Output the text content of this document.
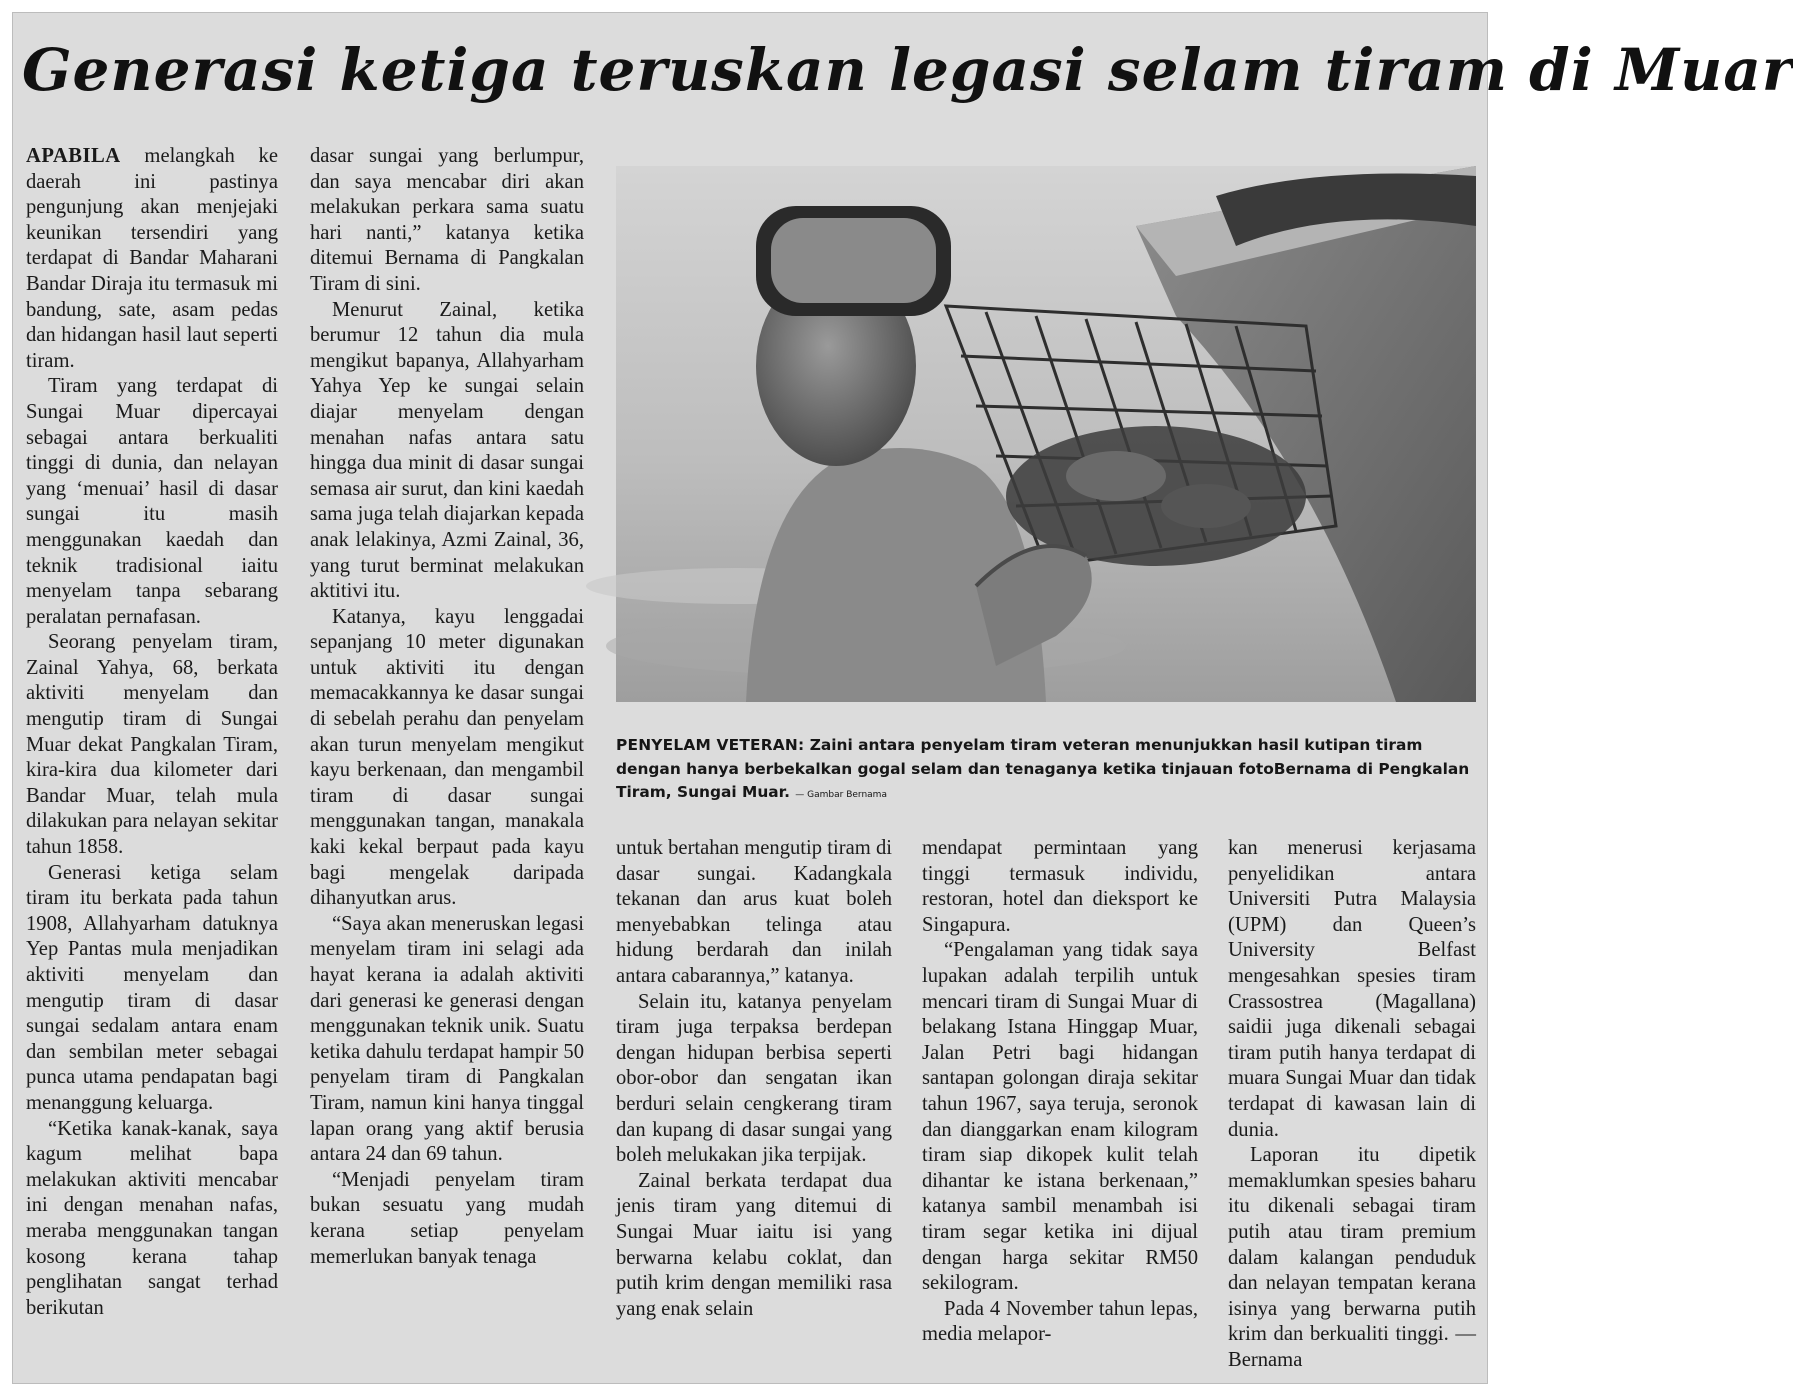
Generasi ketiga teruskan legasi selam tiram di Muar

APABILA melangkah ke daerah ini pastinya pengunjung akan menjejaki keunikan tersendiri yang terdapat di Bandar Maharani Bandar Diraja itu termasuk mi bandung, sate, asam pedas dan hidangan hasil laut seperti tiram.

Tiram yang terdapat di Sungai Muar dipercayai sebagai antara berkualiti tinggi di dunia, dan nelayan yang ‘menuai’ hasil di dasar sungai itu masih menggunakan kaedah dan teknik tradisional iaitu menyelam tanpa sebarang peralatan pernafasan.

Seorang penyelam tiram, Zainal Yahya, 68, berkata aktiviti menyelam dan mengutip tiram di Sungai Muar dekat Pangkalan Tiram, kira-kira dua kilometer dari Bandar Muar, telah mula dilakukan para nelayan sekitar tahun 1858.

Generasi ketiga selam tiram itu berkata pada tahun 1908, Allahyarham datuknya Yep Pantas mula menjadikan aktiviti menyelam dan mengutip tiram di dasar sungai sedalam antara enam dan sembilan meter sebagai punca utama pendapatan bagi menanggung keluarga.

“Ketika kanak-kanak, saya kagum melihat bapa melakukan aktiviti mencabar ini dengan menahan nafas, meraba menggunakan tangan kosong kerana tahap penglihatan sangat terhad berikutan

dasar sungai yang berlumpur, dan saya mencabar diri akan melakukan perkara sama suatu hari nanti,” katanya ketika ditemui Bernama di Pangkalan Tiram di sini.

Menurut Zainal, ketika berumur 12 tahun dia mula mengikut bapanya, Allahyarham Yahya Yep ke sungai selain diajar menyelam dengan menahan nafas antara satu hingga dua minit di dasar sungai semasa air surut, dan kini kaedah sama juga telah diajarkan kepada anak lelakinya, Azmi Zainal, 36, yang turut berminat melakukan aktitivi itu.

Katanya, kayu lenggadai sepanjang 10 meter digunakan untuk aktiviti itu dengan memacakkannya ke dasar sungai di sebelah perahu dan penyelam akan turun menyelam mengikut kayu berkenaan, dan mengambil tiram di dasar sungai menggunakan tangan, manakala kaki kekal berpaut pada kayu bagi mengelak daripada dihanyutkan arus.

“Saya akan meneruskan legasi menyelam tiram ini selagi ada hayat kerana ia adalah aktiviti dari generasi ke generasi dengan menggunakan teknik unik. Suatu ketika dahulu terdapat hampir 50 penyelam tiram di Pangkalan Tiram, namun kini hanya tinggal lapan orang yang aktif berusia antara 24 dan 69 tahun.

“Menjadi penyelam tiram bukan sesuatu yang mudah kerana setiap penyelam memerlukan banyak tenaga

PENYELAM VETERAN: Zaini antara penyelam tiram veteran menunjukkan hasil kutipan tiram dengan hanya berbekalkan gogal selam dan tenaganya ketika tinjauan fotoBernama di Pengkalan Tiram, Sungai Muar. — Gambar Bernama

untuk bertahan mengutip tiram di dasar sungai. Kadangkala tekanan dan arus kuat boleh menyebabkan telinga atau hidung berdarah dan inilah antara cabarannya,” katanya.

Selain itu, katanya penyelam tiram juga terpaksa berdepan dengan hidupan berbisa seperti obor-obor dan sengatan ikan berduri selain cengkerang tiram dan kupang di dasar sungai yang boleh melukakan jika terpijak.

Zainal berkata terdapat dua jenis tiram yang ditemui di Sungai Muar iaitu isi yang berwarna kelabu coklat, dan putih krim dengan memiliki rasa yang enak selain

mendapat permintaan yang tinggi termasuk individu, restoran, hotel dan dieksport ke Singapura.

“Pengalaman yang tidak saya lupakan adalah terpilih untuk mencari tiram di Sungai Muar di belakang Istana Hinggap Muar, Jalan Petri bagi hidangan santapan golongan diraja sekitar tahun 1967, saya teruja, seronok dan dianggarkan enam kilogram tiram siap dikopek kulit telah dihantar ke istana berkenaan,” katanya sambil menambah isi tiram segar ketika ini dijual dengan harga sekitar RM50 sekilogram.

Pada 4 November tahun lepas, media melapor-

kan menerusi kerjasama penyelidikan antara Universiti Putra Malaysia (UPM) dan Queen’s University Belfast mengesahkan spesies tiram Crassostrea (Magallana) saidii juga dikenali sebagai tiram putih hanya terdapat di muara Sungai Muar dan tidak terdapat di kawasan lain di dunia.

Laporan itu dipetik memaklumkan spesies baharu itu dikenali sebagai tiram putih atau tiram premium dalam kalangan penduduk dan nelayan tempatan kerana isinya yang berwarna putih krim dan berkualiti tinggi. — Bernama
